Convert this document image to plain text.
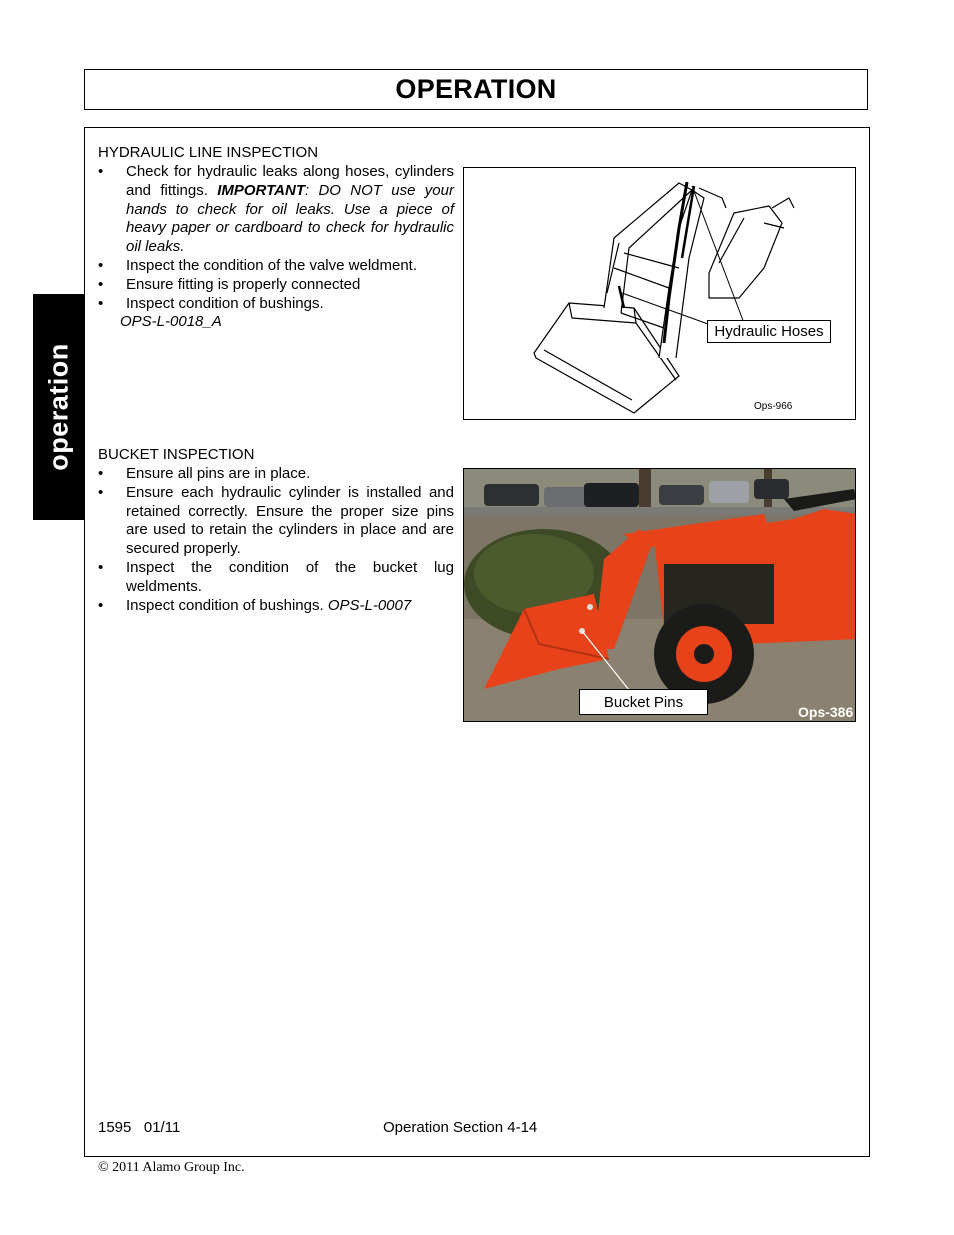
OPERATION
operation
HYDRAULIC LINE INSPECTION
•	Check for hydraulic leaks along hoses, cylinders and fittings. IMPORTANT: DO NOT use your hands to check for oil leaks. Use a piece of heavy paper or cardboard to check for hydraulic oil leaks.
•	Inspect the condition of the valve weldment.
•	Ensure fitting is properly connected
•	Inspect condition of bushings.
OPS-L-0018_A
Hydraulic Hoses
Ops-966
BUCKET INSPECTION
•	Ensure all pins are in place.
•	Ensure each hydraulic cylinder is installed and retained correctly. Ensure the proper size pins are used to retain the cylinders in place and are secured properly.
•	Inspect the condition of the bucket lug weldments.
•	Inspect condition of bushings. OPS-L-0007
Bucket Pins
Ops-386
1595   01/11	Operation Section 4-14
© 2011 Alamo Group Inc.
